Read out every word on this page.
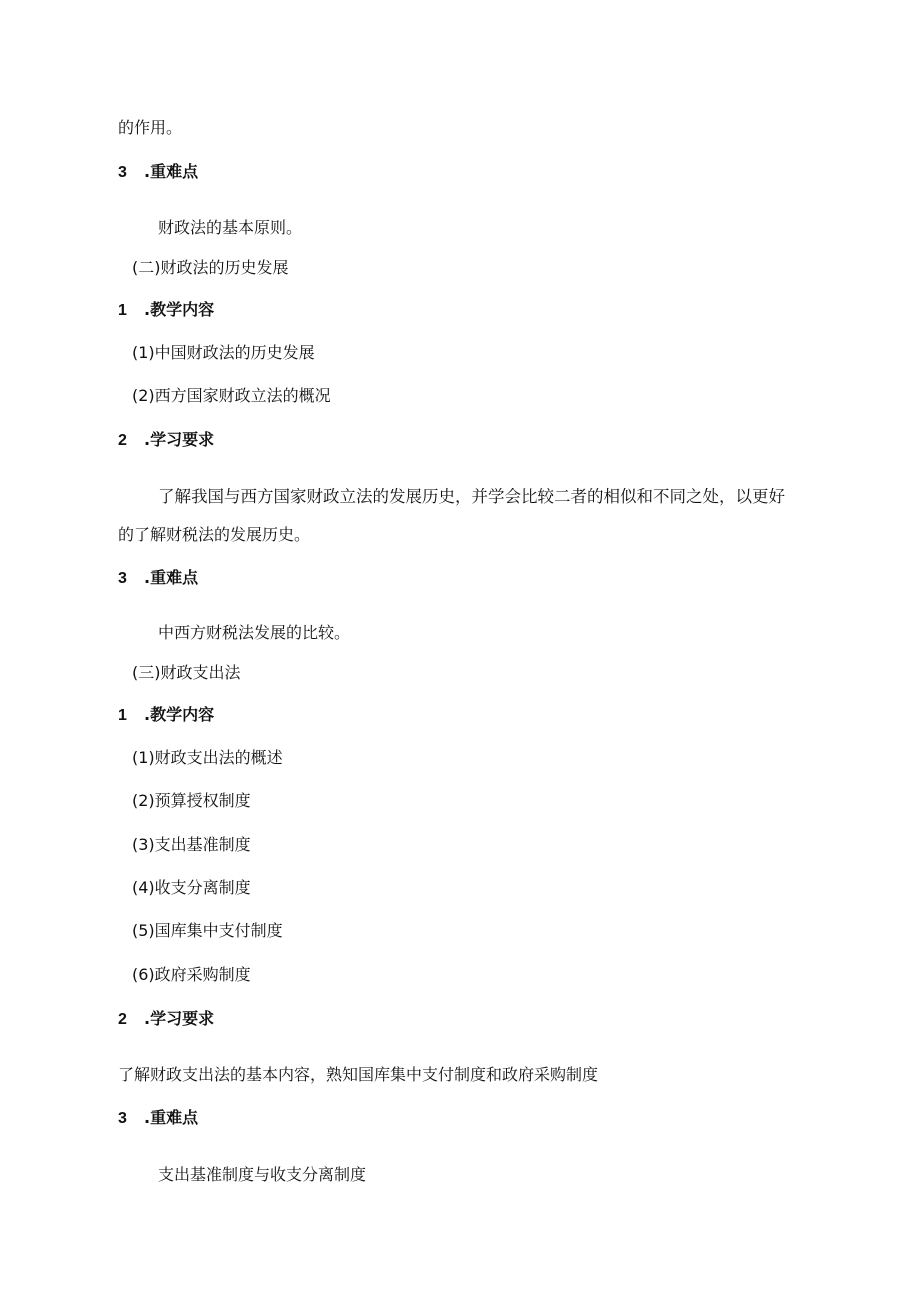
的作用。
3 .重难点
财政法的基本原则。
(二)财政法的历史发展
1 .教学内容
(1)中国财政法的历史发展
(2)西方国家财政立法的概况
2 .学习要求
了解我国与西方国家财政立法的发展历史，并学会比较二者的相似和不同之处，以更好
的了解财税法的发展历史。
3 .重难点
中西方财税法发展的比较。
(三)财政支出法
1 .教学内容
(1)财政支出法的概述
(2)预算授权制度
(3)支出基准制度
(4)收支分离制度
(5)国库集中支付制度
(6)政府采购制度
2 .学习要求
了解财政支出法的基本内容，熟知国库集中支付制度和政府采购制度
3 .重难点
支出基准制度与收支分离制度
